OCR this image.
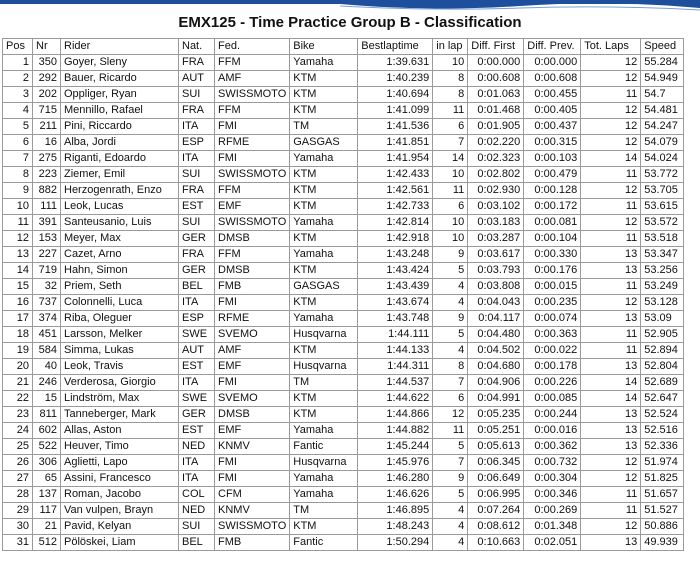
EMX125 - Time Practice Group B - Classification
Pos	Nr	Rider	Nat.	Fed.	Bike	Bestlaptime	in lap	Diff. First	Diff. Prev.	Tot. Laps	Speed
1	350	Goyer, Sleny	FRA	FFM	Yamaha	1:39.631	10	0:00.000	0:00.000	12	55.284
2	292	Bauer, Ricardo	AUT	AMF	KTM	1:40.239	8	0:00.608	0:00.608	12	54.949
3	202	Oppliger, Ryan	SUI	SWISSMOTO	KTM	1:40.694	8	0:01.063	0:00.455	11	54.7
4	715	Mennillo, Rafael	FRA	FFM	KTM	1:41.099	11	0:01.468	0:00.405	12	54.481
5	211	Pini, Riccardo	ITA	FMI	TM	1:41.536	6	0:01.905	0:00.437	12	54.247
6	16	Alba, Jordi	ESP	RFME	GASGAS	1:41.851	7	0:02.220	0:00.315	12	54.079
7	275	Riganti, Edoardo	ITA	FMI	Yamaha	1:41.954	14	0:02.323	0:00.103	14	54.024
8	223	Ziemer, Emil	SUI	SWISSMOTO	KTM	1:42.433	10	0:02.802	0:00.479	11	53.772
9	882	Herzogenrath, Enzo	FRA	FFM	KTM	1:42.561	11	0:02.930	0:00.128	12	53.705
10	111	Leok, Lucas	EST	EMF	KTM	1:42.733	6	0:03.102	0:00.172	11	53.615
11	391	Santeusanio, Luis	SUI	SWISSMOTO	Yamaha	1:42.814	10	0:03.183	0:00.081	12	53.572
12	153	Meyer, Max	GER	DMSB	KTM	1:42.918	10	0:03.287	0:00.104	11	53.518
13	227	Cazet, Arno	FRA	FFM	Yamaha	1:43.248	9	0:03.617	0:00.330	13	53.347
14	719	Hahn, Simon	GER	DMSB	KTM	1:43.424	5	0:03.793	0:00.176	13	53.256
15	32	Priem, Seth	BEL	FMB	GASGAS	1:43.439	4	0:03.808	0:00.015	11	53.249
16	737	Colonnelli, Luca	ITA	FMI	KTM	1:43.674	4	0:04.043	0:00.235	12	53.128
17	374	Riba, Oleguer	ESP	RFME	Yamaha	1:43.748	9	0:04.117	0:00.074	13	53.09
18	451	Larsson, Melker	SWE	SVEMO	Husqvarna	1:44.111	5	0:04.480	0:00.363	11	52.905
19	584	Simma, Lukas	AUT	AMF	KTM	1:44.133	4	0:04.502	0:00.022	11	52.894
20	40	Leok, Travis	EST	EMF	Husqvarna	1:44.311	8	0:04.680	0:00.178	13	52.804
21	246	Verderosa, Giorgio	ITA	FMI	TM	1:44.537	7	0:04.906	0:00.226	14	52.689
22	15	Lindström, Max	SWE	SVEMO	KTM	1:44.622	6	0:04.991	0:00.085	14	52.647
23	811	Tanneberger, Mark	GER	DMSB	KTM	1:44.866	12	0:05.235	0:00.244	13	52.524
24	602	Allas, Aston	EST	EMF	Yamaha	1:44.882	11	0:05.251	0:00.016	13	52.516
25	522	Heuver, Timo	NED	KNMV	Fantic	1:45.244	5	0:05.613	0:00.362	13	52.336
26	306	Aglietti, Lapo	ITA	FMI	Husqvarna	1:45.976	7	0:06.345	0:00.732	12	51.974
27	65	Assini, Francesco	ITA	FMI	Yamaha	1:46.280	9	0:06.649	0:00.304	12	51.825
28	137	Roman, Jacobo	COL	CFM	Yamaha	1:46.626	5	0:06.995	0:00.346	11	51.657
29	117	Van vulpen, Brayn	NED	KNMV	TM	1:46.895	4	0:07.264	0:00.269	11	51.527
30	21	Pavid, Kelyan	SUI	SWISSMOTO	KTM	1:48.243	4	0:08.612	0:01.348	12	50.886
31	512	Pölöskei, Liam	BEL	FMB	Fantic	1:50.294	4	0:10.663	0:02.051	13	49.939
